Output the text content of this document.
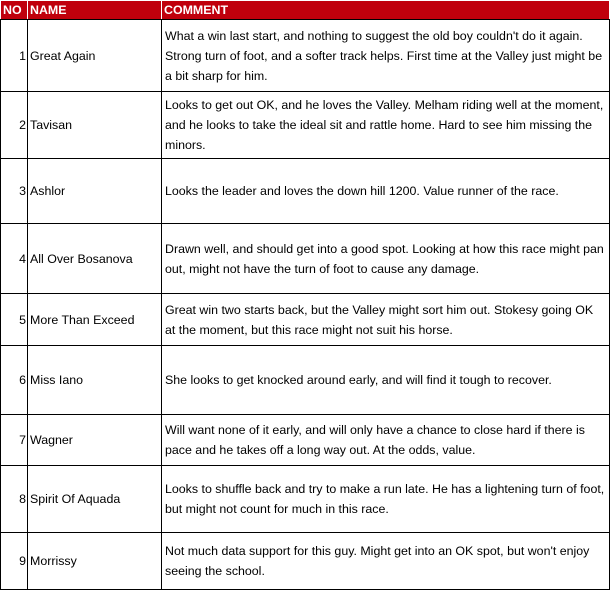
NO	NAME	COMMENT
1	Great Again	What a win last start, and nothing to suggest the old boy couldn't do it again. Strong turn of foot, and a softer track helps. First time at the Valley just might be a bit sharp for him.
2	Tavisan	Looks to get out OK, and he loves the Valley. Melham riding well at the moment, and he looks to take the ideal sit and rattle home. Hard to see him missing the minors.
3	Ashlor	Looks the leader and loves the down hill 1200. Value runner of the race.
4	All Over Bosanova	Drawn well, and should get into a good spot. Looking at how this race might pan out, might not have the turn of foot to cause any damage.
5	More Than Exceed	Great win two starts back, but the Valley might sort him out. Stokesy going OK at the moment, but this race might not suit his horse.
6	Miss Iano	She looks to get knocked around early, and will find it tough to recover.
7	Wagner	Will want none of it early, and will only have a chance to close hard if there is pace and he takes off a long way out. At the odds, value.
8	Spirit Of Aquada	Looks to shuffle back and try to make a run late. He has a lightening turn of foot, but might not count for much in this race.
9	Morrissy	Not much data support for this guy. Might get into an OK spot, but won't enjoy seeing the school.
